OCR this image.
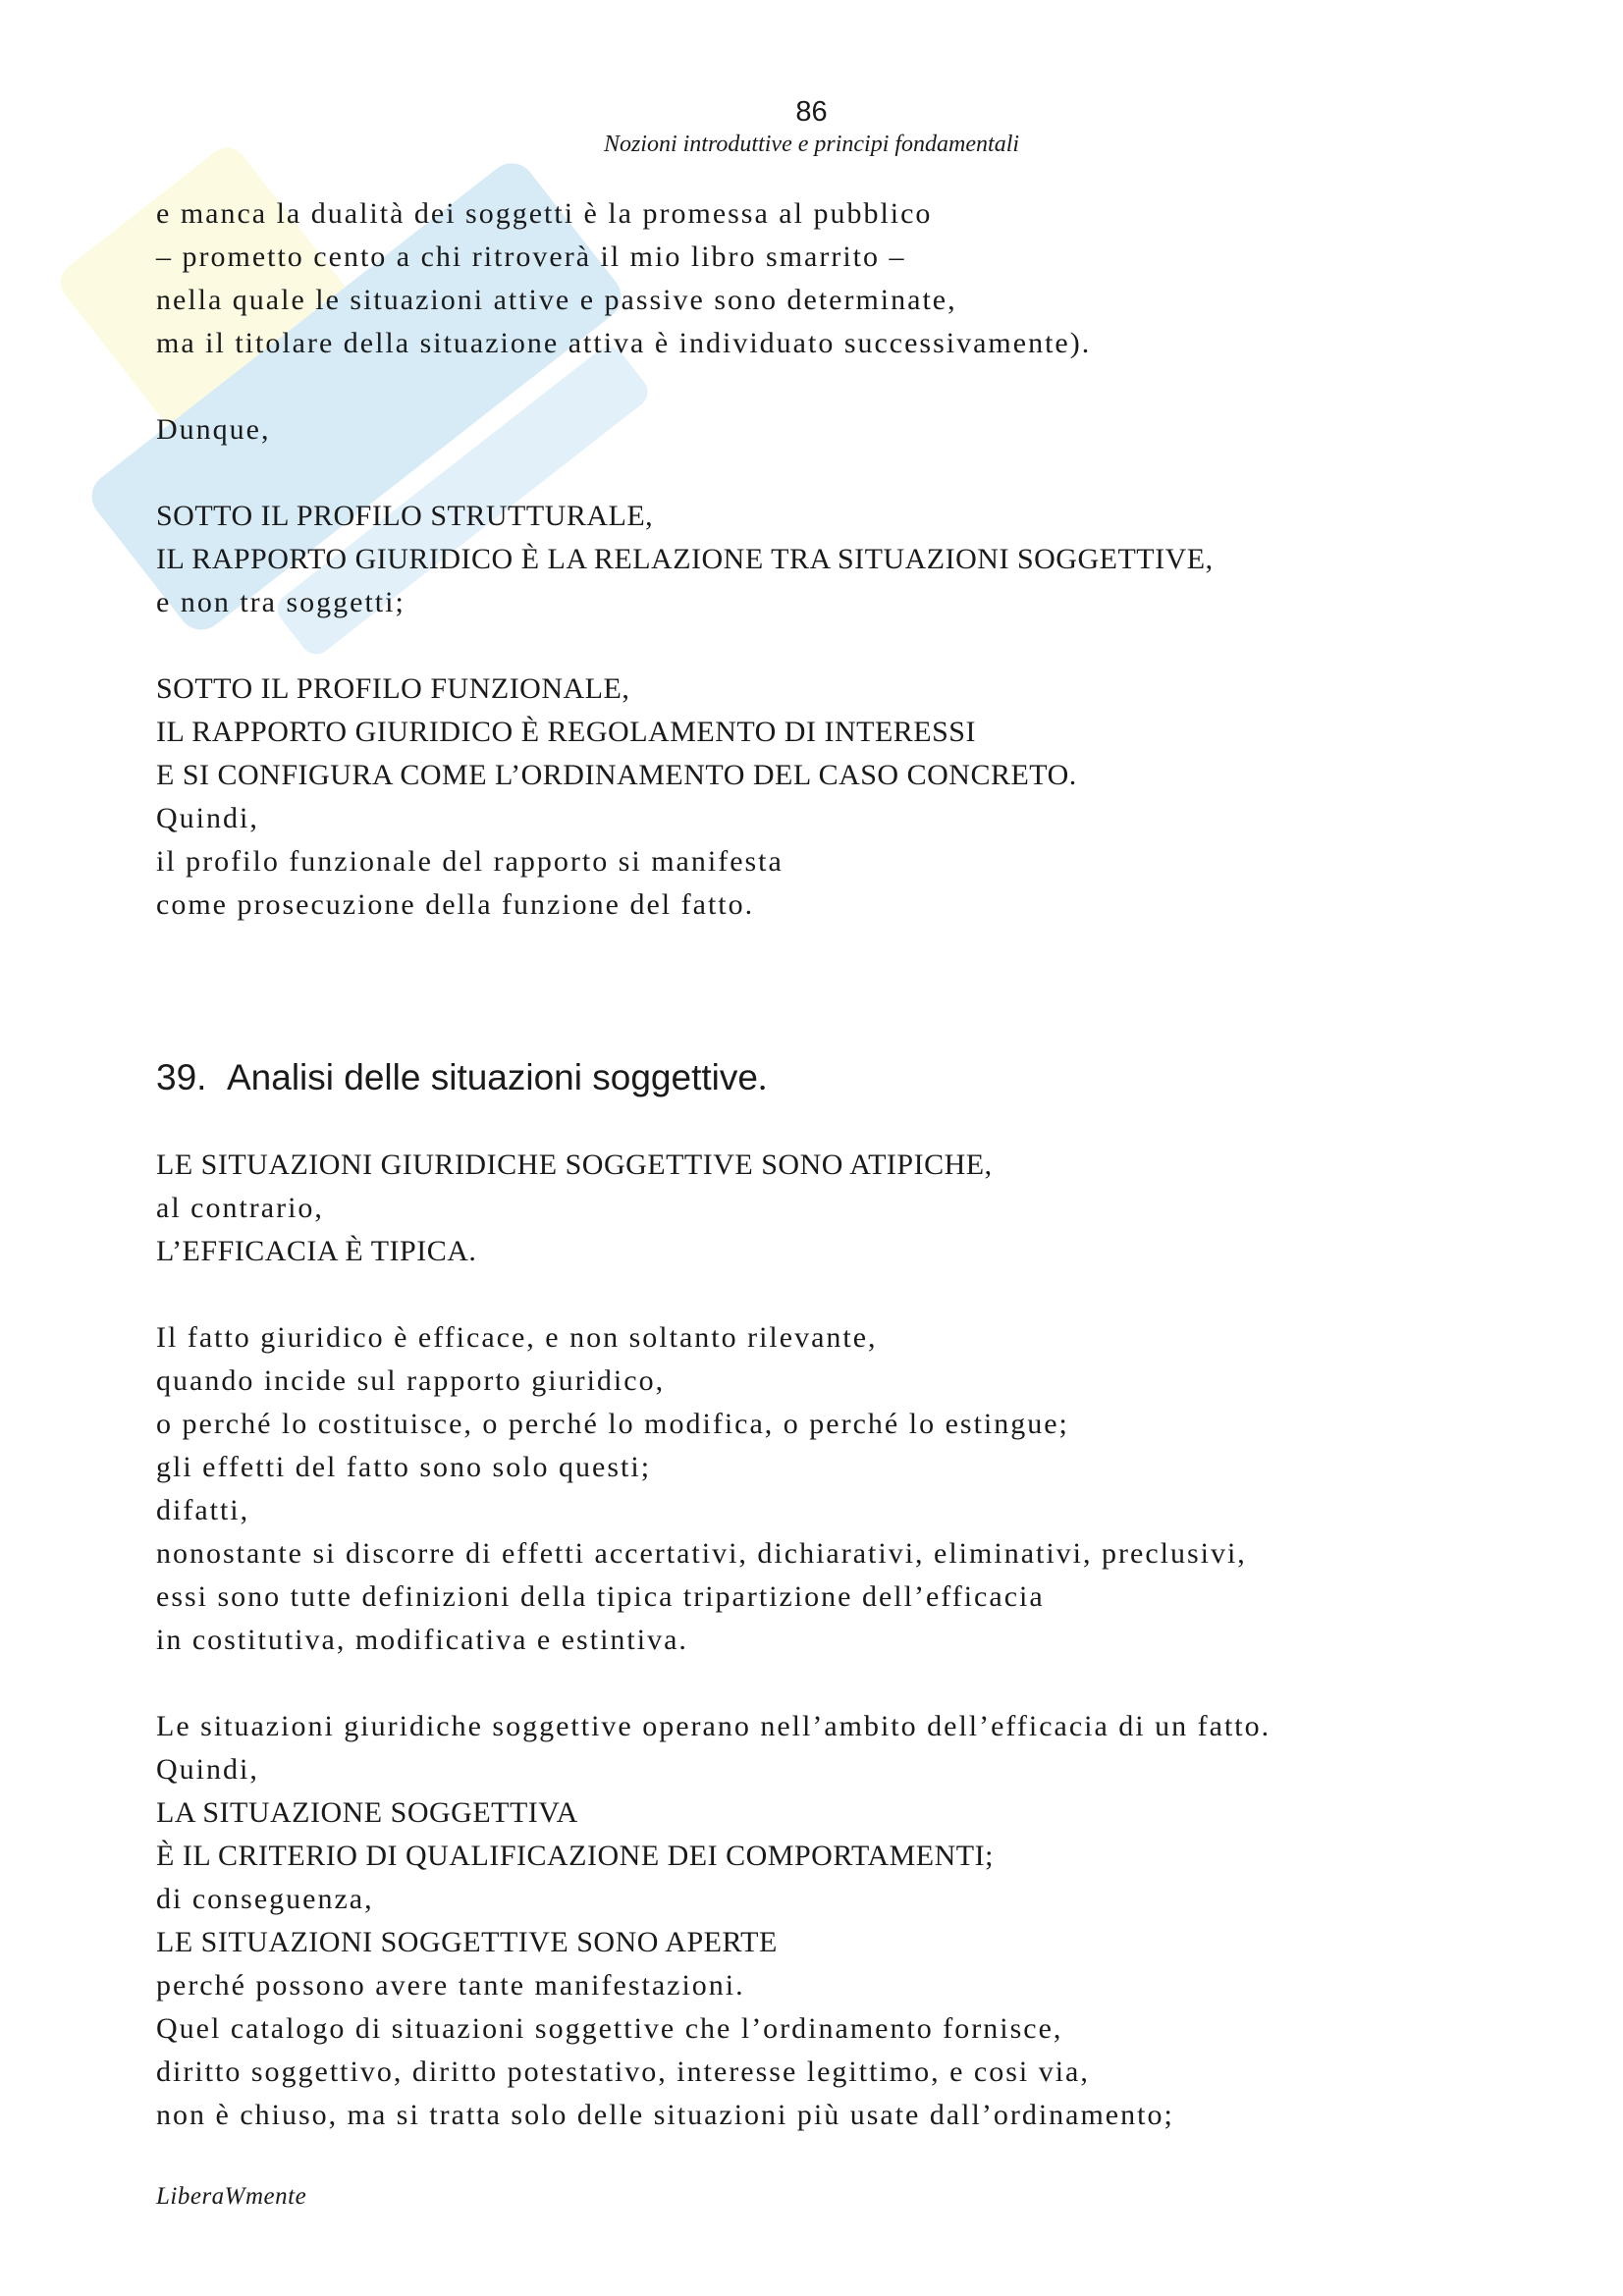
86
Nozioni introduttive e principi fondamentali
e manca la dualità dei soggetti è la promessa al pubblico
– prometto cento a chi ritroverà il mio libro smarrito –
nella quale le situazioni attive e passive sono determinate,
ma il titolare della situazione attiva è individuato successivamente).
Dunque,
SOTTO IL PROFILO STRUTTURALE,
IL RAPPORTO GIURIDICO È LA RELAZIONE TRA SITUAZIONI SOGGETTIVE,
e non tra soggetti;
SOTTO IL PROFILO FUNZIONALE,
IL RAPPORTO GIURIDICO È REGOLAMENTO DI INTERESSI
E SI CONFIGURA COME L’ORDINAMENTO DEL CASO CONCRETO.
Quindi,
il profilo funzionale del rapporto si manifesta
come prosecuzione della funzione del fatto.
39. Analisi delle situazioni soggettive.
LE SITUAZIONI GIURIDICHE SOGGETTIVE SONO ATIPICHE,
al contrario,
L’EFFICACIA È TIPICA.
Il fatto giuridico è efficace, e non soltanto rilevante,
quando incide sul rapporto giuridico,
o perché lo costituisce, o perché lo modifica, o perché lo estingue;
gli effetti del fatto sono solo questi;
difatti,
nonostante si discorre di effetti accertativi, dichiarativi, eliminativi, preclusivi,
essi sono tutte definizioni della tipica tripartizione dell’efficacia
in costitutiva, modificativa e estintiva.
Le situazioni giuridiche soggettive operano nell’ambito dell’efficacia di un fatto.
Quindi,
LA SITUAZIONE SOGGETTIVA
È IL CRITERIO DI QUALIFICAZIONE DEI COMPORTAMENTI;
di conseguenza,
LE SITUAZIONI SOGGETTIVE SONO APERTE
perché possono avere tante manifestazioni.
Quel catalogo di situazioni soggettive che l’ordinamento fornisce,
diritto soggettivo, diritto potestativo, interesse legittimo, e cosi via,
non è chiuso, ma si tratta solo delle situazioni più usate dall’ordinamento;
LiberaWmente
